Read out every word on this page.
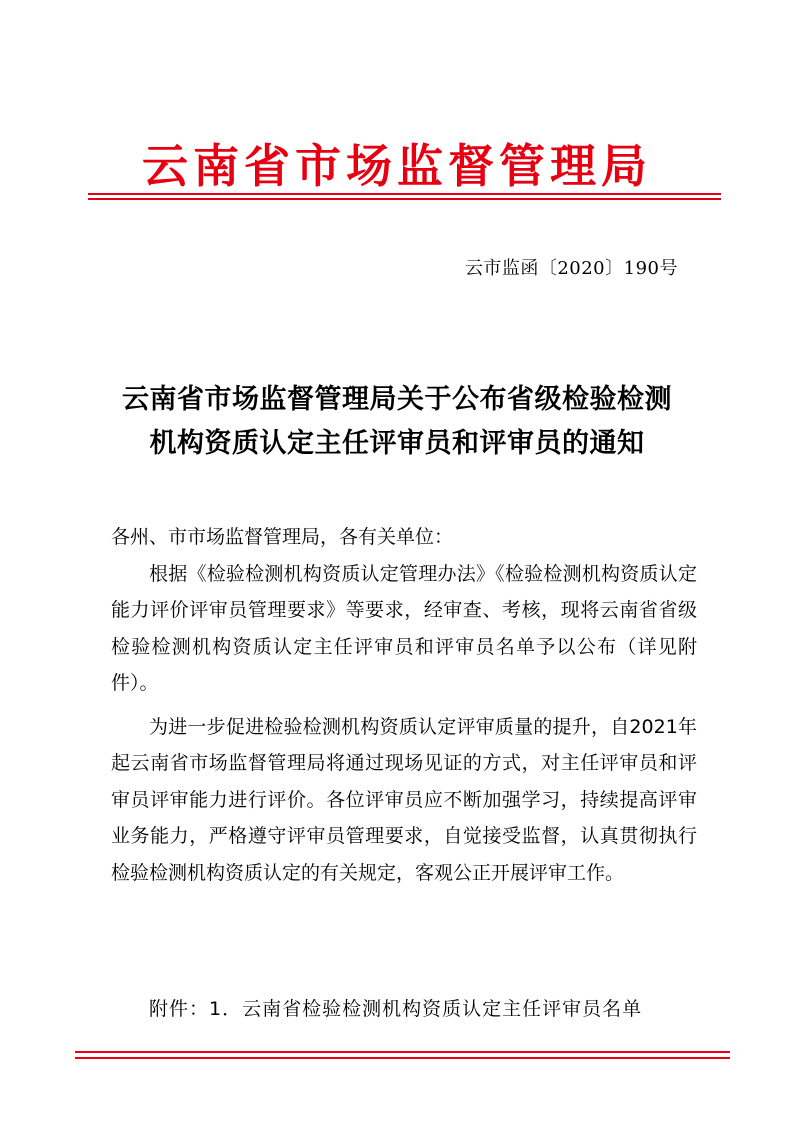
云南省市场监督管理局
云市监函〔2020〕190号
云南省市场监督管理局关于公布省级检验检测
机构资质认定主任评审员和评审员的通知

各州、市市场监督管理局，各有关单位：

根据《检验检测机构资质认定管理办法》《检验检测机构资质认定能力评价评审员管理要求》等要求，经审查、考核，现将云南省省级检验检测机构资质认定主任评审员和评审员名单予以公布（详见附件）。

为进一步促进检验检测机构资质认定评审质量的提升，自2021年起云南省市场监督管理局将通过现场见证的方式，对主任评审员和评审员评审能力进行评价。各位评审员应不断加强学习，持续提高评审业务能力，严格遵守评审员管理要求，自觉接受监督，认真贯彻执行检验检测机构资质认定的有关规定，客观公正开展评审工作。

附件：1．云南省检验检测机构资质认定主任评审员名单
